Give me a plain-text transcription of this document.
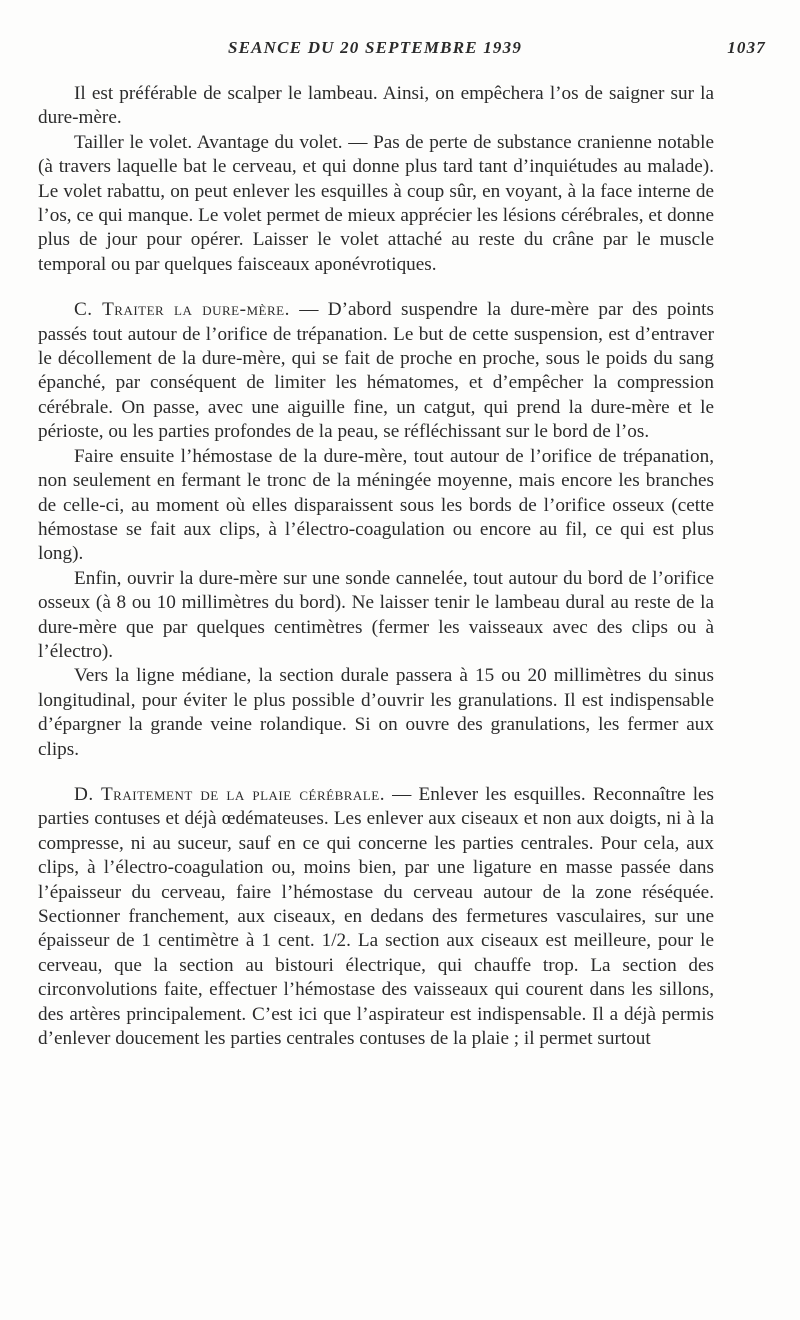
SEANCE DU 20 SEPTEMBRE 1939	1037

Il est préférable de scalper le lambeau. Ainsi, on empêchera l’os de saigner sur la dure-mère.

Tailler le volet. Avantage du volet. — Pas de perte de substance cranienne notable (à travers laquelle bat le cerveau, et qui donne plus tard tant d’inquiétudes au malade). Le volet rabattu, on peut enlever les esquilles à coup sûr, en voyant, à la face interne de l’os, ce qui manque. Le volet permet de mieux apprécier les lésions cérébrales, et donne plus de jour pour opérer. Laisser le volet attaché au reste du crâne par le muscle temporal ou par quelques faisceaux aponévrotiques.

C. Traiter la dure-mère. — D’abord suspendre la dure-mère par des points passés tout autour de l’orifice de trépanation. Le but de cette suspension, est d’entraver le décollement de la dure-mère, qui se fait de proche en proche, sous le poids du sang épanché, par conséquent de limiter les hématomes, et d’empêcher la compression cérébrale. On passe, avec une aiguille fine, un catgut, qui prend la dure-mère et le périoste, ou les parties profondes de la peau, se réfléchissant sur le bord de l’os.

Faire ensuite l’hémostase de la dure-mère, tout autour de l’orifice de trépanation, non seulement en fermant le tronc de la méningée moyenne, mais encore les branches de celle-ci, au moment où elles disparaissent sous les bords de l’orifice osseux (cette hémostase se fait aux clips, à l’électro-coagulation ou encore au fil, ce qui est plus long).

Enfin, ouvrir la dure-mère sur une sonde cannelée, tout autour du bord de l’orifice osseux (à 8 ou 10 millimètres du bord). Ne laisser tenir le lambeau dural au reste de la dure-mère que par quelques centimètres (fermer les vaisseaux avec des clips ou à l’électro).

Vers la ligne médiane, la section durale passera à 15 ou 20 millimètres du sinus longitudinal, pour éviter le plus possible d’ouvrir les granulations. Il est indispensable d’épargner la grande veine rolandique. Si on ouvre des granulations, les fermer aux clips.

D. Traitement de la plaie cérébrale. — Enlever les esquilles. Reconnaître les parties contuses et déjà œdémateuses. Les enlever aux ciseaux et non aux doigts, ni à la compresse, ni au suceur, sauf en ce qui concerne les parties centrales. Pour cela, aux clips, à l’électro-coagulation ou, moins bien, par une ligature en masse passée dans l’épaisseur du cerveau, faire l’hémostase du cerveau autour de la zone réséquée. Sectionner franchement, aux ciseaux, en dedans des fermetures vasculaires, sur une épaisseur de 1 centimètre à 1 cent. 1/2. La section aux ciseaux est meilleure, pour le cerveau, que la section au bistouri électrique, qui chauffe trop. La section des circonvolutions faite, effectuer l’hémostase des vaisseaux qui courent dans les sillons, des artères principalement. C’est ici que l’aspirateur est indispensable. Il a déjà permis d’enlever doucement les parties centrales contuses de la plaie ; il permet surtout
